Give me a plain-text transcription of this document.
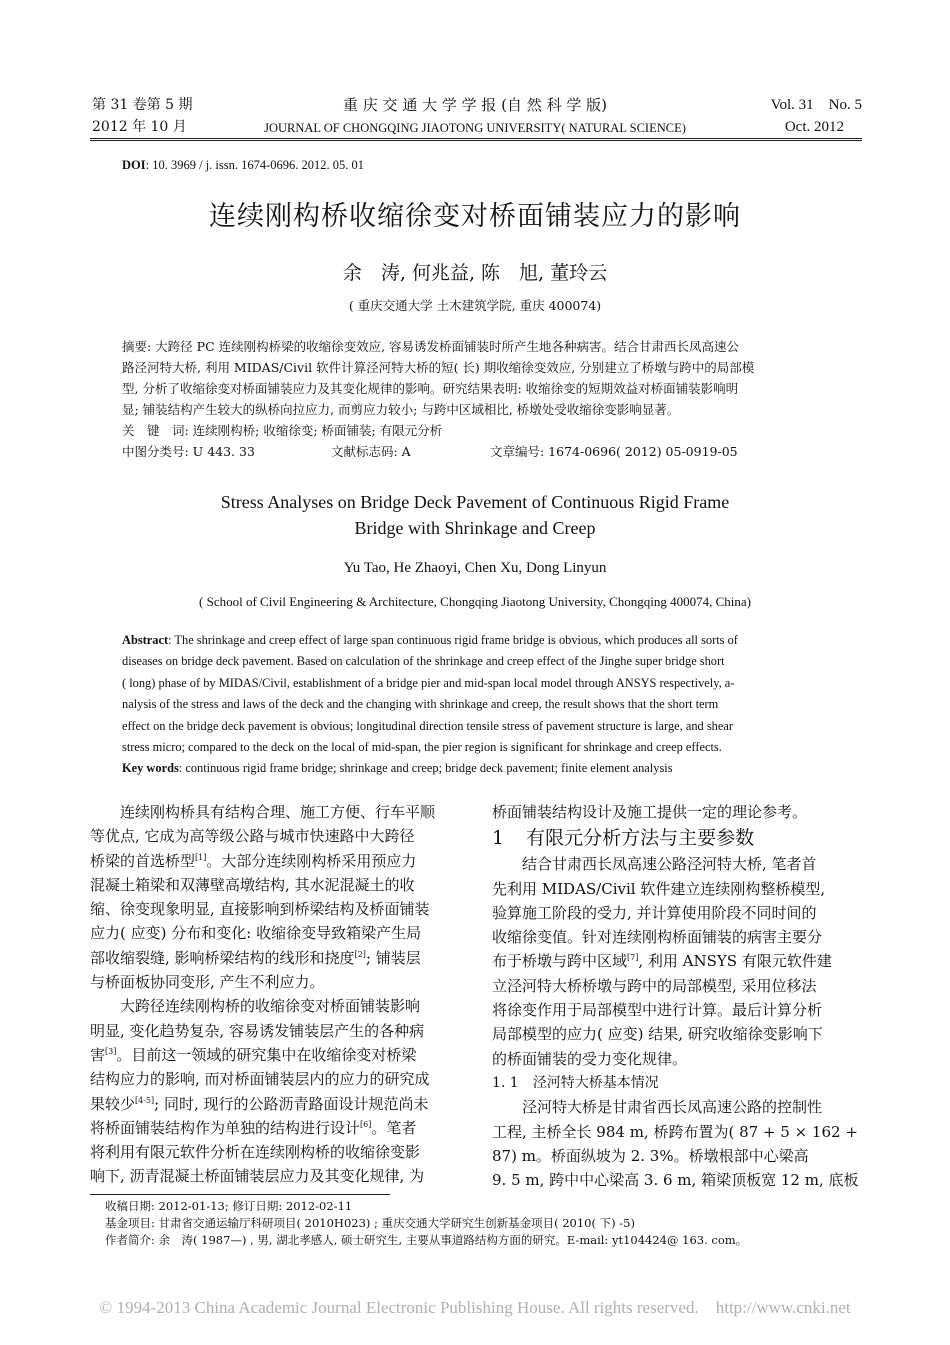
第 31 卷第 5 期
2012 年 10 月
重 庆 交 通 大 学 学 报 (自 然 科 学 版)
JOURNAL OF CHONGQING JIAOTONG UNIVERSITY( NATURAL SCIENCE)
Vol. 31    No. 5
Oct. 2012
DOI: 10. 3969 / j. issn. 1674-0696. 2012. 05. 01
连续刚构桥收缩徐变对桥面铺装应力的影响
余　涛, 何兆益, 陈　旭, 董玲云
( 重庆交通大学 土木建筑学院, 重庆 400074)
摘要: 大跨径 PC 连续刚构桥梁的收缩徐变效应, 容易诱发桥面铺装时所产生地各种病害。结合甘肃西长凤高速公
路泾河特大桥, 利用 MIDAS/Civil 软件计算泾河特大桥的短( 长) 期收缩徐变效应, 分别建立了桥墩与跨中的局部模
型, 分析了收缩徐变对桥面铺装应力及其变化规律的影响。研究结果表明: 收缩徐变的短期效益对桥面铺装影响明
显; 铺装结构产生较大的纵桥向拉应力, 而剪应力较小; 与跨中区域相比, 桥墩处受收缩徐变影响显著。
关　键　词: 连续刚构桥; 收缩徐变; 桥面铺装; 有限元分析
中图分类号: U 443. 33	文献标志码: A	文章编号: 1674-0696( 2012) 05-0919-05
Stress Analyses on Bridge Deck Pavement of Continuous Rigid Frame
Bridge with Shrinkage and Creep
Yu Tao, He Zhaoyi, Chen Xu, Dong Linyun
( School of Civil Engineering & Architecture, Chongqing Jiaotong University, Chongqing 400074, China)
Abstract: The shrinkage and creep effect of large span continuous rigid frame bridge is obvious, which produces all sorts of
diseases on bridge deck pavement. Based on calculation of the shrinkage and creep effect of the Jinghe super bridge short
( long) phase of by MIDAS/Civil, establishment of a bridge pier and mid-span local model through ANSYS respectively, a-
nalysis of the stress and laws of the deck and the changing with shrinkage and creep, the result shows that the short term
effect on the bridge deck pavement is obvious; longitudinal direction tensile stress of pavement structure is large, and shear
stress micro; compared to the deck on the local of mid-span, the pier region is significant for shrinkage and creep effects.
Key words: continuous rigid frame bridge; shrinkage and creep; bridge deck pavement; finite element analysis
连续刚构桥具有结构合理、施工方便、行车平顺
等优点, 它成为高等级公路与城市快速路中大跨径
桥梁的首选桥型[1]。大部分连续刚构桥采用预应力
混凝土箱梁和双薄壁高墩结构, 其水泥混凝土的收
缩、徐变现象明显, 直接影响到桥梁结构及桥面铺装
应力( 应变) 分布和变化: 收缩徐变导致箱梁产生局
部收缩裂缝, 影响桥梁结构的线形和挠度[2]; 铺装层
与桥面板协同变形, 产生不利应力。
大跨径连续刚构桥的收缩徐变对桥面铺装影响
明显, 变化趋势复杂, 容易诱发铺装层产生的各种病
害[3]。目前这一领域的研究集中在收缩徐变对桥梁
结构应力的影响, 而对桥面铺装层内的应力的研究成
果较少[4-5]; 同时, 现行的公路沥青路面设计规范尚未
将桥面铺装结构作为单独的结构进行设计[6]。笔者
将利用有限元软件分析在连续刚构桥的收缩徐变影
响下, 沥青混凝土桥面铺装层应力及其变化规律, 为
桥面铺装结构设计及施工提供一定的理论参考。
1 有限元分析方法与主要参数
结合甘肃西长凤高速公路泾河特大桥, 笔者首
先利用 MIDAS/Civil 软件建立连续刚构整桥模型,
验算施工阶段的受力, 并计算使用阶段不同时间的
收缩徐变值。针对连续刚构桥面铺装的病害主要分
布于桥墩与跨中区域[7], 利用 ANSYS 有限元软件建
立泾河特大桥桥墩与跨中的局部模型, 采用位移法
将徐变作用于局部模型中进行计算。最后计算分析
局部模型的应力( 应变) 结果, 研究收缩徐变影响下
的桥面铺装的受力变化规律。
1. 1　泾河特大桥基本情况
泾河特大桥是甘肃省西长凤高速公路的控制性
工程, 主桥全长 984 m, 桥跨布置为( 87 + 5 × 162 +
87) m。桥面纵坡为 2. 3%。桥墩根部中心梁高
9. 5 m, 跨中中心梁高 3. 6 m, 箱梁顶板宽 12 m, 底板
收稿日期: 2012-01-13; 修订日期: 2012-02-11
基金项目: 甘肃省交通运输厅科研项目( 2010H023) ; 重庆交通大学研究生创新基金项目( 2010( 下) -5)
作者简介: 余　涛( 1987—) , 男, 湖北孝感人, 硕士研究生, 主要从事道路结构方面的研究。E-mail: yt104424@ 163. com。
© 1994-2013 China Academic Journal Electronic Publishing House. All rights reserved.    http://www.cnki.net
